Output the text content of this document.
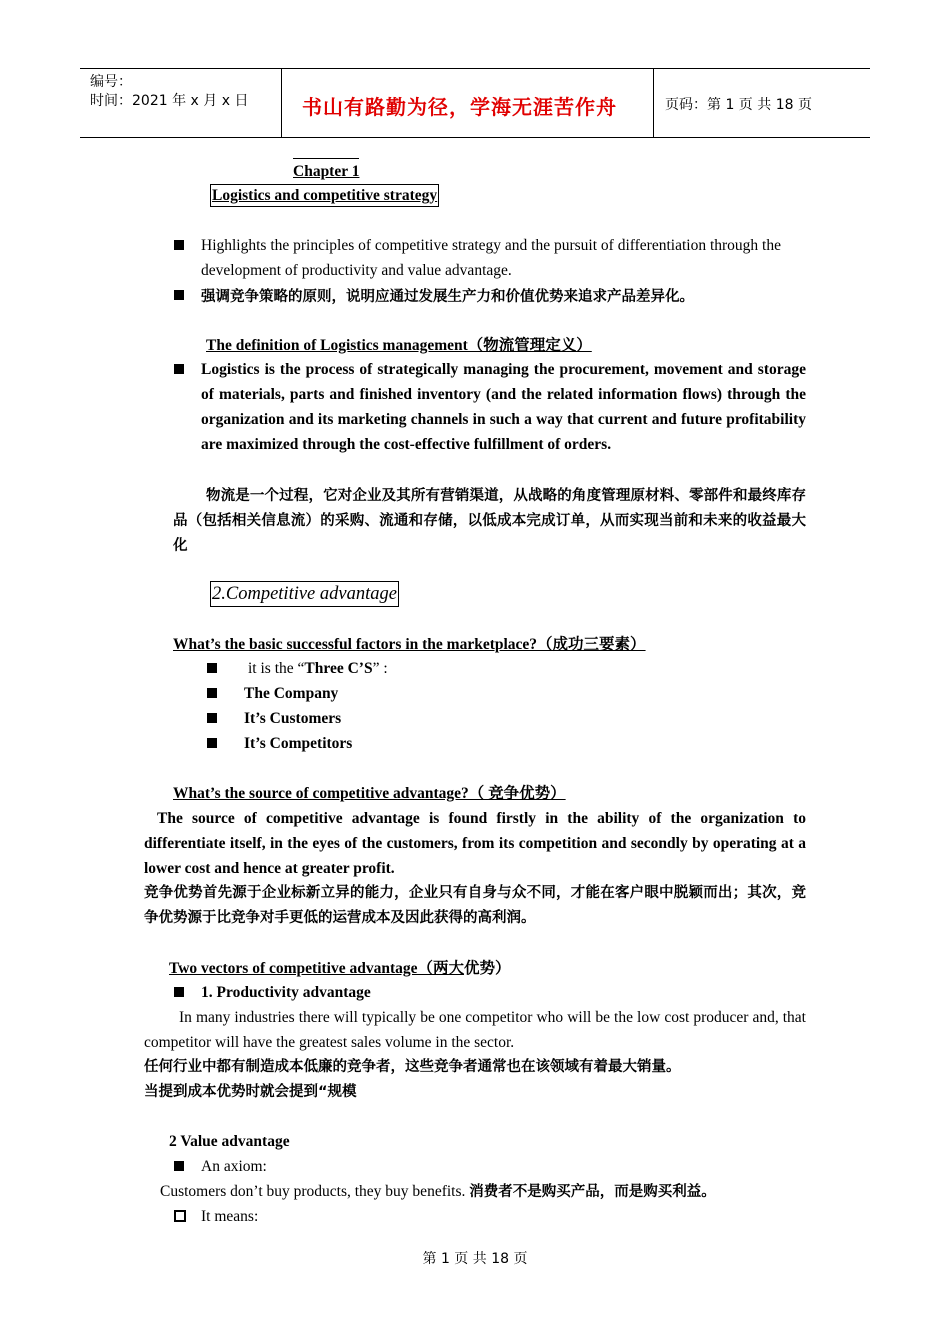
编号：
时间：2021 年 x 月 x 日	书山有路勤为径，学海无涯苦作舟	页码：第 1 页 共 18 页
Chapter 1
Logistics and competitive strategy
Highlights the principles of competitive strategy and the pursuit of differentiation through the development of productivity and value advantage.
强调竞争策略的原则，说明应通过发展生产力和价值优势来追求产品差异化。
The definition of Logistics management（物流管理定义）
Logistics is the process of strategically managing the procurement, movement and storage of materials, parts and finished inventory (and the related information flows) through the organization and its marketing channels in such a way that current and future profitability are maximized through the cost-effective fulfillment of orders.
物流是一个过程，它对企业及其所有营销渠道，从战略的角度管理原材料、零部件和最终库存品（包括相关信息流）的采购、流通和存储，以低成本完成订单，从而实现当前和未来的收益最大化
2.Competitive advantage
What’s the basic successful factors in the marketplace?（成功三要素）
it is the “Three C’S” :
The Company
It’s Customers
It’s Competitors
What’s the source of competitive advantage?（ 竞争优势）
The source of competitive advantage is found firstly in the ability of the organization to differentiate itself, in the eyes of the customers, from its competition and secondly by operating at a lower cost and hence at greater profit.
竞争优势首先源于企业标新立异的能力，企业只有自身与众不同，才能在客户眼中脱颖而出；其次，竞争优势源于比竞争对手更低的运营成本及因此获得的高利润。
Two vectors of competitive advantage（两大优势）
1. Productivity advantage
In many industries there will typically be one competitor who will be the low cost producer and, that competitor will have the greatest sales volume in the sector.
任何行业中都有制造成本低廉的竞争者，这些竞争者通常也在该领域有着最大销量。
当提到成本优势时就会提到“规模
2 Value advantage
An axiom:
Customers don’t buy products, they buy benefits. 消费者不是购买产品，而是购买利益。
It means:
第 1 页 共 18 页
